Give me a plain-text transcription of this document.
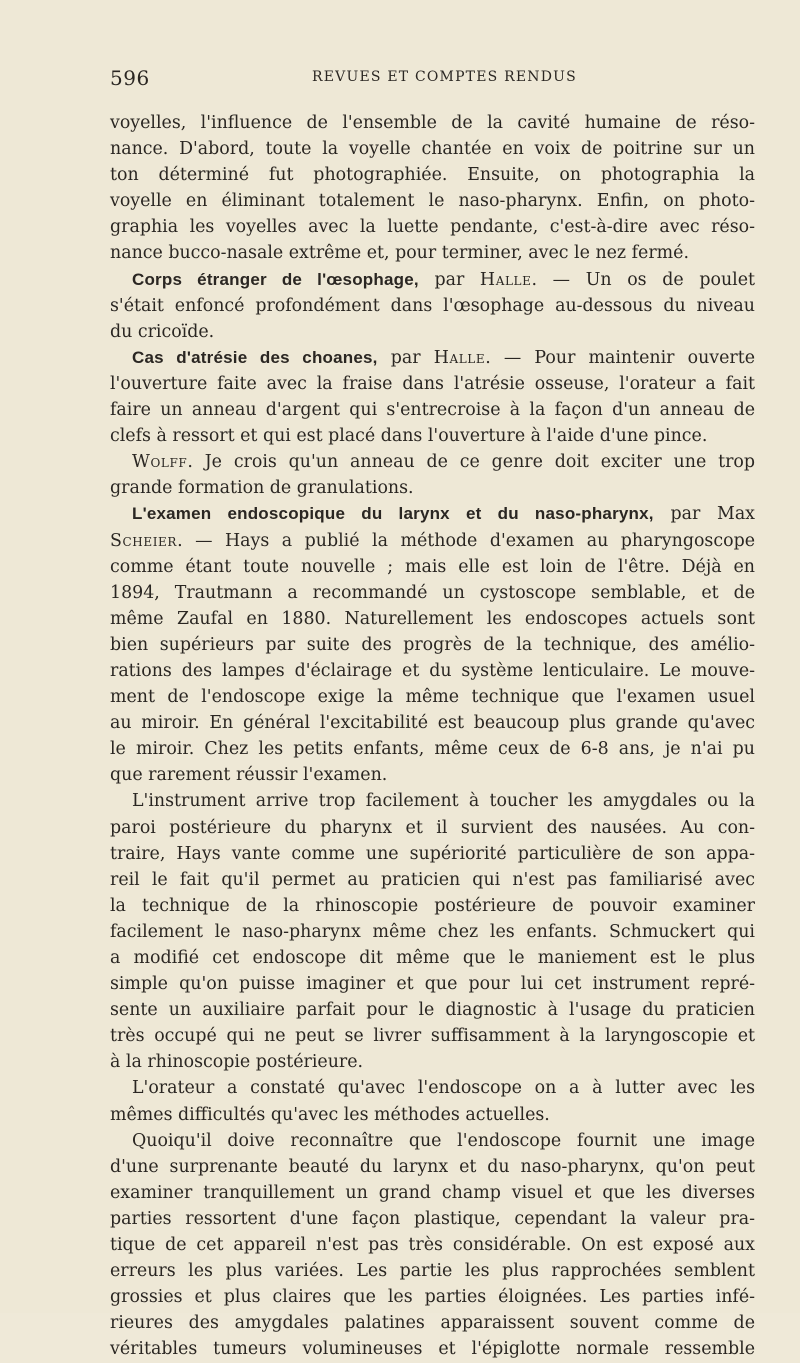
596	REVUES ET COMPTES RENDUS
voyelles, l'influence de l'ensemble de la cavité humaine de réso-
nance. D'abord, toute la voyelle chantée en voix de poitrine sur un
ton déterminé fut photographiée. Ensuite, on photographia la
voyelle en éliminant totalement le naso-pharynx. Enfin, on photo-
graphia les voyelles avec la luette pendante, c'est-à-dire avec réso-
nance bucco-nasale extrême et, pour terminer, avec le nez fermé.
Corps étranger de l'œsophage, par Halle. — Un os de poulet
s'était enfoncé profondément dans l'œsophage au-dessous du niveau
du cricoïde.
Cas d'atrésie des choanes, par Halle. — Pour maintenir ouverte
l'ouverture faite avec la fraise dans l'atrésie osseuse, l'orateur a fait
faire un anneau d'argent qui s'entrecroise à la façon d'un anneau de
clefs à ressort et qui est placé dans l'ouverture à l'aide d'une pince.
Wolff. Je crois qu'un anneau de ce genre doit exciter une trop
grande formation de granulations.
L'examen endoscopique du larynx et du naso-pharynx, par Max
Scheier. — Hays a publié la méthode d'examen au pharyngoscope
comme étant toute nouvelle ; mais elle est loin de l'être. Déjà en
1894, Trautmann a recommandé un cystoscope semblable, et de
même Zaufal en 1880. Naturellement les endoscopes actuels sont
bien supérieurs par suite des progrès de la technique, des amélio-
rations des lampes d'éclairage et du système lenticulaire. Le mouve-
ment de l'endoscope exige la même technique que l'examen usuel
au miroir. En général l'excitabilité est beaucoup plus grande qu'avec
le miroir. Chez les petits enfants, même ceux de 6-8 ans, je n'ai pu
que rarement réussir l'examen.
L'instrument arrive trop facilement à toucher les amygdales ou la
paroi postérieure du pharynx et il survient des nausées. Au con-
traire, Hays vante comme une supériorité particulière de son appa-
reil le fait qu'il permet au praticien qui n'est pas familiarisé avec
la technique de la rhinoscopie postérieure de pouvoir examiner
facilement le naso-pharynx même chez les enfants. Schmuckert qui
a modifié cet endoscope dit même que le maniement est le plus
simple qu'on puisse imaginer et que pour lui cet instrument repré-
sente un auxiliaire parfait pour le diagnostic à l'usage du praticien
très occupé qui ne peut se livrer suffisamment à la laryngoscopie et
à la rhinoscopie postérieure.
L'orateur a constaté qu'avec l'endoscope on a à lutter avec les
mêmes difficultés qu'avec les méthodes actuelles.
Quoiqu'il doive reconnaître que l'endoscope fournit une image
d'une surprenante beauté du larynx et du naso-pharynx, qu'on peut
examiner tranquillement un grand champ visuel et que les diverses
parties ressortent d'une façon plastique, cependant la valeur pra-
tique de cet appareil n'est pas très considérable. On est exposé aux
erreurs les plus variées. Les partie les plus rapprochées semblent
grossies et plus claires que les parties éloignées. Les parties infé-
rieures des amygdales palatines apparaissent souvent comme de
véritables tumeurs volumineuses et l'épiglotte normale ressemble
